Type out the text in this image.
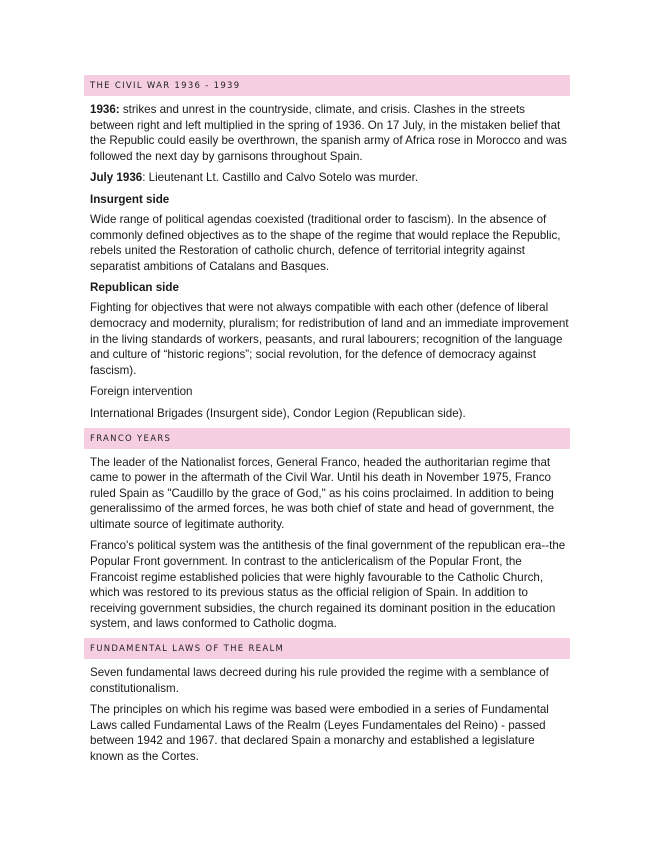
THE CIVIL WAR 1936 - 1939

1936: strikes and unrest in the countryside, climate, and crisis. Clashes in the streets between right and left multiplied in the spring of 1936. On 17 July, in the mistaken belief that the Republic could easily be overthrown, the spanish army of Africa rose in Morocco and was followed the next day by garnisons throughout Spain.

July 1936: Lieutenant Lt. Castillo and Calvo Sotelo was murder.

Insurgent side

Wide range of political agendas coexisted (traditional order to fascism). In the absence of commonly defined objectives as to the shape of the regime that would replace the Republic, rebels united the Restoration of catholic church, defence of territorial integrity against separatist ambitions of Catalans and Basques.

Republican side

Fighting for objectives that were not always compatible with each other (defence of liberal democracy and modernity, pluralism; for redistribution of land and an immediate improvement in the living standards of workers, peasants, and rural labourers; recognition of the language and culture of “historic regions”; social revolution, for the defence of democracy against fascism).

Foreign intervention

International Brigades (Insurgent side), Condor Legion (Republican side).

FRANCO YEARS

The leader of the Nationalist forces, General Franco, headed the authoritarian regime that came to power in the aftermath of the Civil War. Until his death in November 1975, Franco ruled Spain as "Caudillo by the grace of God," as his coins proclaimed. In addition to being generalissimo of the armed forces, he was both chief of state and head of government, the ultimate source of legitimate authority.

Franco's political system was the antithesis of the final government of the republican era--the Popular Front government. In contrast to the anticlericalism of the Popular Front, the Francoist regime established policies that were highly favourable to the Catholic Church, which was restored to its previous status as the official religion of Spain. In addition to receiving government subsidies, the church regained its dominant position in the education system, and laws conformed to Catholic dogma.

FUNDAMENTAL LAWS OF THE REALM

Seven fundamental laws decreed during his rule provided the regime with a semblance of constitutionalism.

The principles on which his regime was based were embodied in a series of Fundamental Laws called Fundamental Laws of the Realm (Leyes Fundamentales del Reino) - passed between 1942 and 1967. that declared Spain a monarchy and established a legislature known as the Cortes.
